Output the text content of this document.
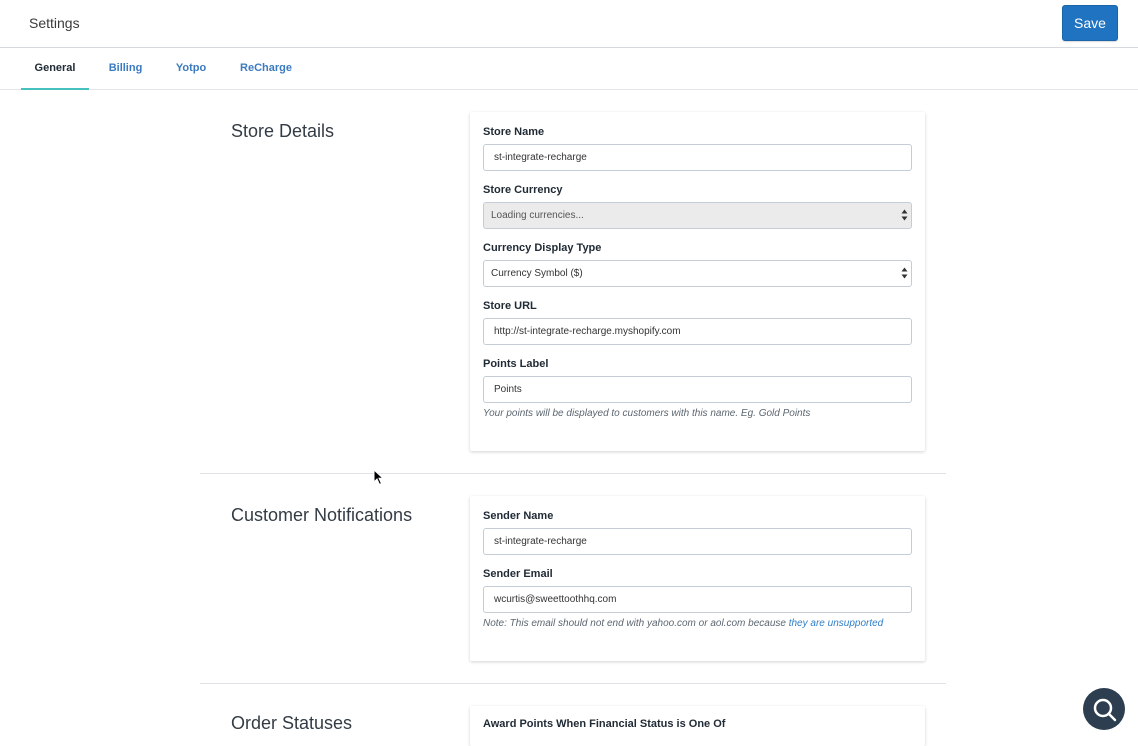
Settings	Save
General	Billing	Yotpo	ReCharge
Store Details	Store Name
st-integrate-recharge
Store Currency
Loading currencies...
Currency Display Type
Currency Symbol ($)
Store URL
http://st-integrate-recharge.myshopify.com
Points Label
Points
Your points will be displayed to customers with this name. Eg. Gold Points
Customer Notifications	Sender Name
st-integrate-recharge
Sender Email
wcurtis@sweettoothhq.com
Note: This email should not end with yahoo.com or aol.com because they are unsupported
Order Statuses	Award Points When Financial Status is One Of
